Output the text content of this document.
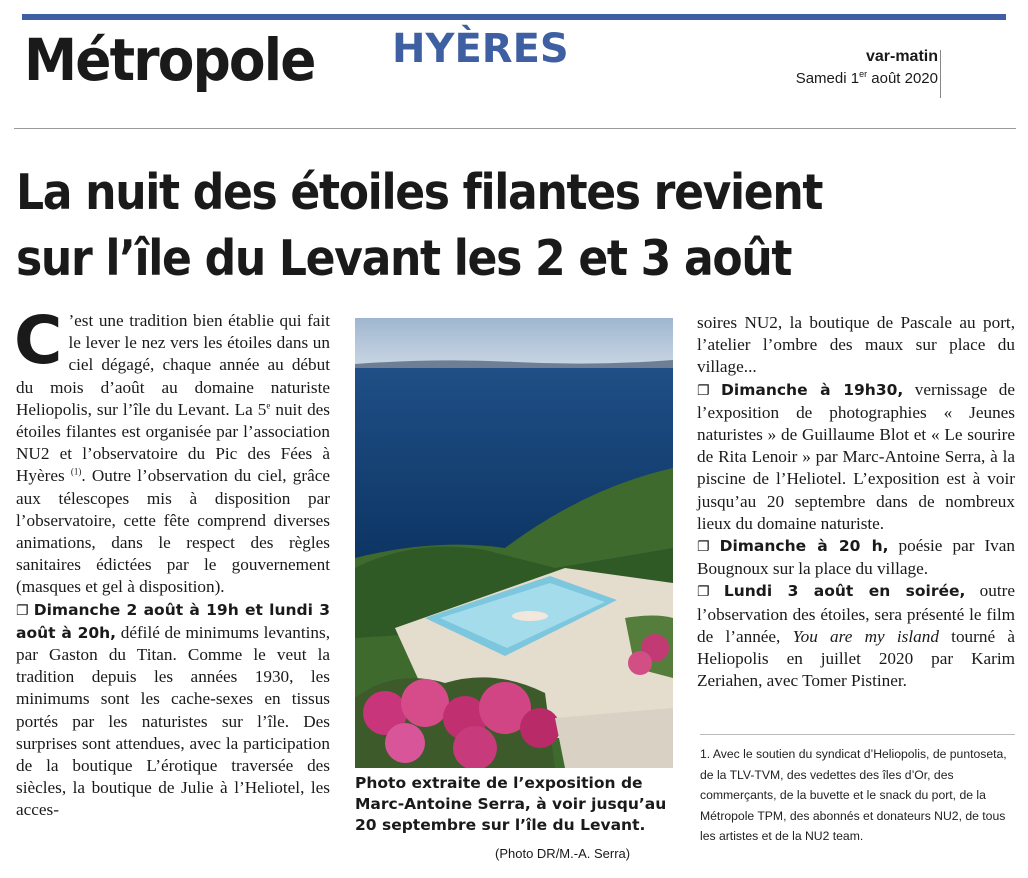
Métropole HYÈRES	var-matin
Samedi 1er août 2020
La nuit des étoiles filantes revient
sur l’île du Levant les 2 et 3 août

C ’est une tradition bien établie qui fait le lever le nez vers les étoiles dans un ciel dégagé, chaque année au début du mois d’août au domaine naturiste Heliopolis, sur l’île du Levant. La 5e nuit des étoiles filantes est organisée par l’association NU2 et l’observatoire du Pic des Fées à Hyères $^{(1)}$. Outre l’observation du ciel, grâce aux télescopes mis à disposition par l’observatoire, cette fête comprend diverses animations, dans le respect des règles sanitaires édictées par le gouvernement (masques et gel à disposition).

❐ Dimanche 2 août à 19h et lundi 3 août à 20h, défilé de minimums levantins, par Gaston du Titan. Comme le veut la tradition depuis les années 1930, les minimums sont les cache-sexes en tissus portés par les naturistes sur l’île. Des surprises sont attendues, avec la participation de la boutique L’érotique traversée des siècles, la boutique de Julie à l’Heliotel, les acces-

Photo extraite de l’exposition de Marc-Antoine Serra, à voir jusqu’au 20 septembre sur l’île du Levant.
(Photo DR/M.-A. Serra)

soires NU2, la boutique de Pascale au port, l’atelier l’ombre des maux sur place du village...

❐ Dimanche à 19h30, vernissage de l’exposition de photographies « Jeunes naturistes » de Guillaume Blot et « Le sourire de Rita Lenoir » par Marc-Antoine Serra, à la piscine de l’Heliotel. L’exposition est à voir jusqu’au 20 septembre dans de nombreux lieux du domaine naturiste.

❐ Dimanche à 20 h, poésie par Ivan Bougnoux sur la place du village.

❐ Lundi 3 août en soirée, outre l’observation des étoiles, sera présenté le film de l’année, You are my island tourné à Heliopolis en juillet 2020 par Karim Zeriahen, avec Tomer Pistiner.

1. Avec le soutien du syndicat d’Heliopolis, de puntoseta, de la TLV-TVM, des vedettes des îles d’Or, des commerçants, de la buvette et le snack du port, de la Métropole TPM, des abonnés et donateurs NU2, de tous les artistes et de la NU2 team.
